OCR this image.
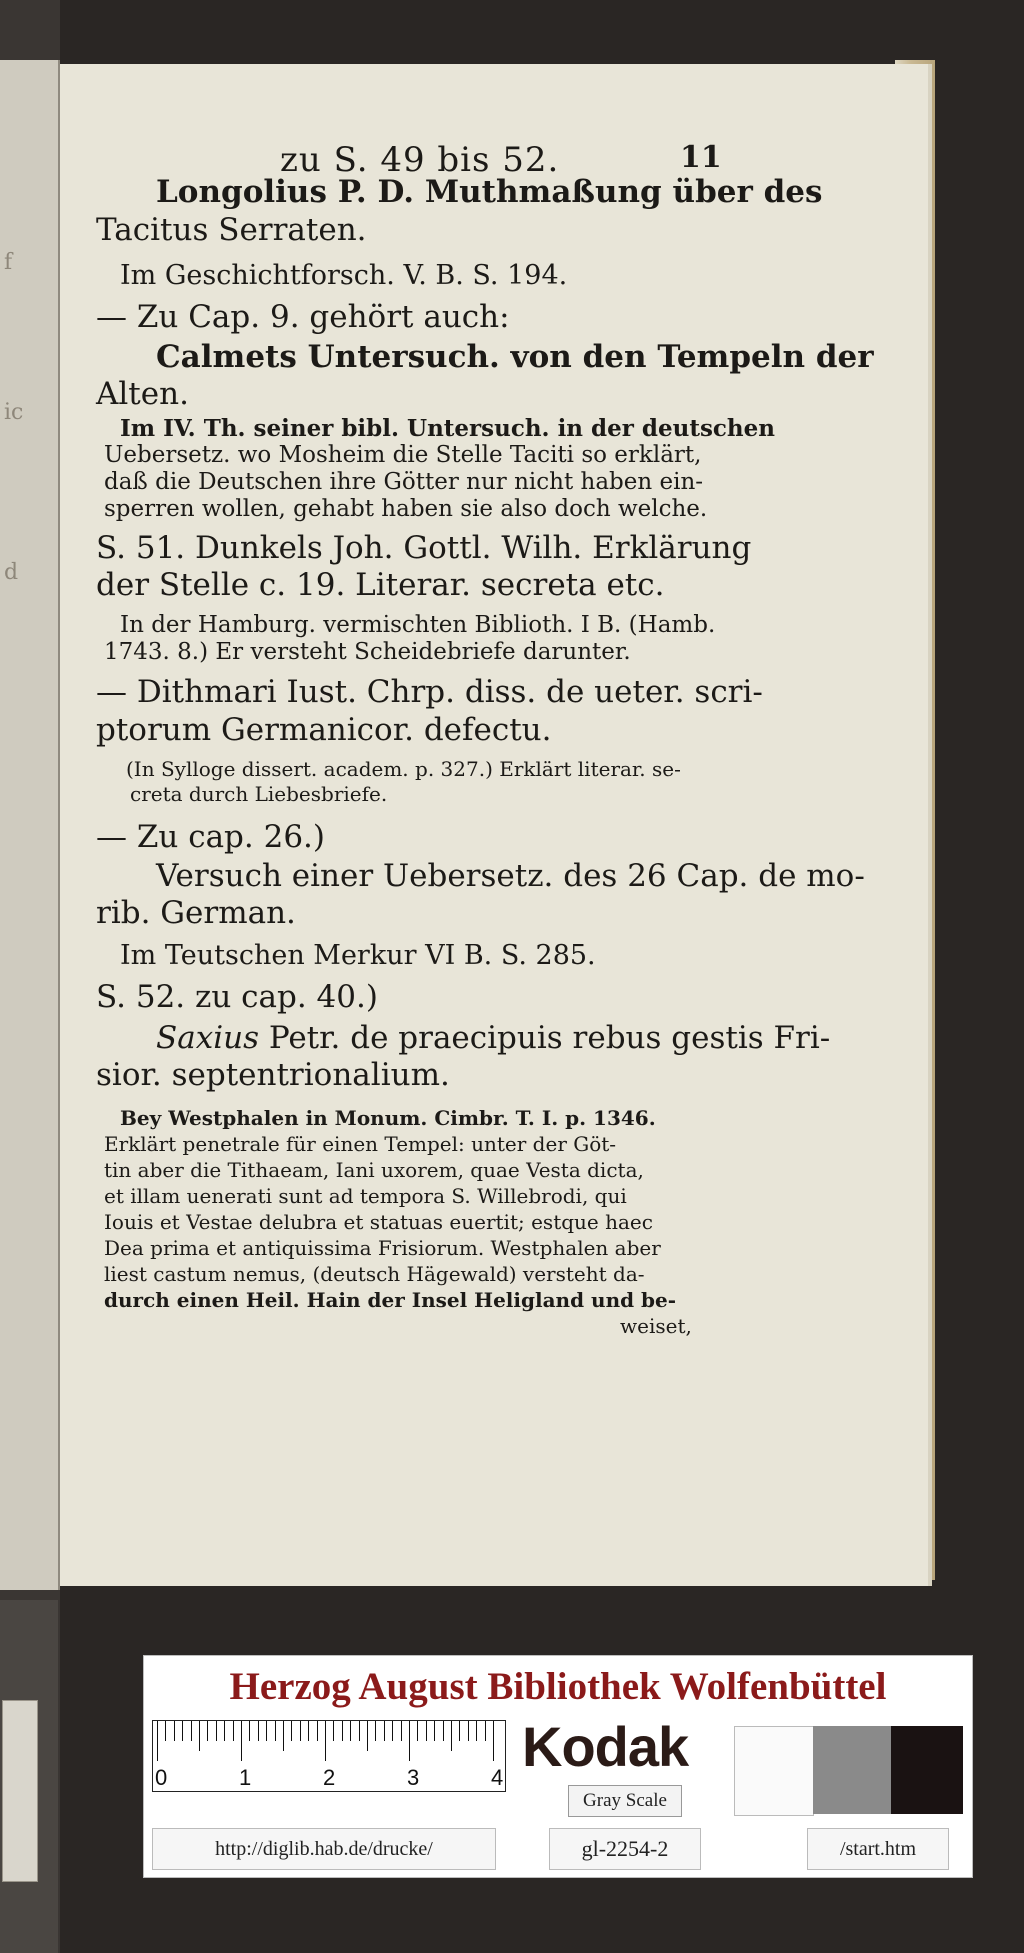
f
ic
d
zu S. 49 bis 52.	11
Longolius P. D. Muthmaßung über des
Tacitus Serraten.
Im Geschichtforsch. V. B. S. 194.
— Zu Cap. 9. gehört auch:
Calmets Untersuch. von den Tempeln der
Alten.
Im IV. Th. seiner bibl. Untersuch. in der deutschen
Uebersetz. wo Mosheim die Stelle Taciti so erklärt,
daß die Deutschen ihre Götter nur nicht haben ein-
sperren wollen, gehabt haben sie also doch welche.
S. 51. Dunkels Joh. Gottl. Wilh. Erklärung
der Stelle c. 19. Literar. secreta etc.
In der Hamburg. vermischten Biblioth. I B. (Hamb.
1743. 8.) Er versteht Scheidebriefe darunter.
— Dithmari Iust. Chrp. diss. de ueter. scri-
ptorum Germanicor. defectu.
(In Sylloge dissert. academ. p. 327.) Erklärt literar. se-
creta durch Liebesbriefe.
— Zu cap. 26.)
Versuch einer Uebersetz. des 26 Cap. de mo-
rib. German.
Im Teutschen Merkur VI B. S. 285.
S. 52. zu cap. 40.)
Saxius Petr. de praecipuis rebus gestis Fri-
sior. septentrionalium.
Bey Westphalen in Monum. Cimbr. T. I. p. 1346.
Erklärt penetrale für einen Tempel: unter der Göt-
tin aber die Tithaeam, Iani uxorem, quae Vesta dicta,
et illam uenerati sunt ad tempora S. Willebrodi, qui
Iouis et Vestae delubra et statuas euertit; estque haec
Dea prima et antiquissima Frisiorum. Westphalen aber
liest castum nemus, (deutsch Hägewald) versteht da-
durch einen Heil. Hain der Insel Heligland und be-
weiset,
Herzog August Bibliothek Wolfenbüttel
0	1	2	3	4 Kodak
Gray Scale
http://diglib.hab.de/drucke/	gl-2254-2	/start.htm
